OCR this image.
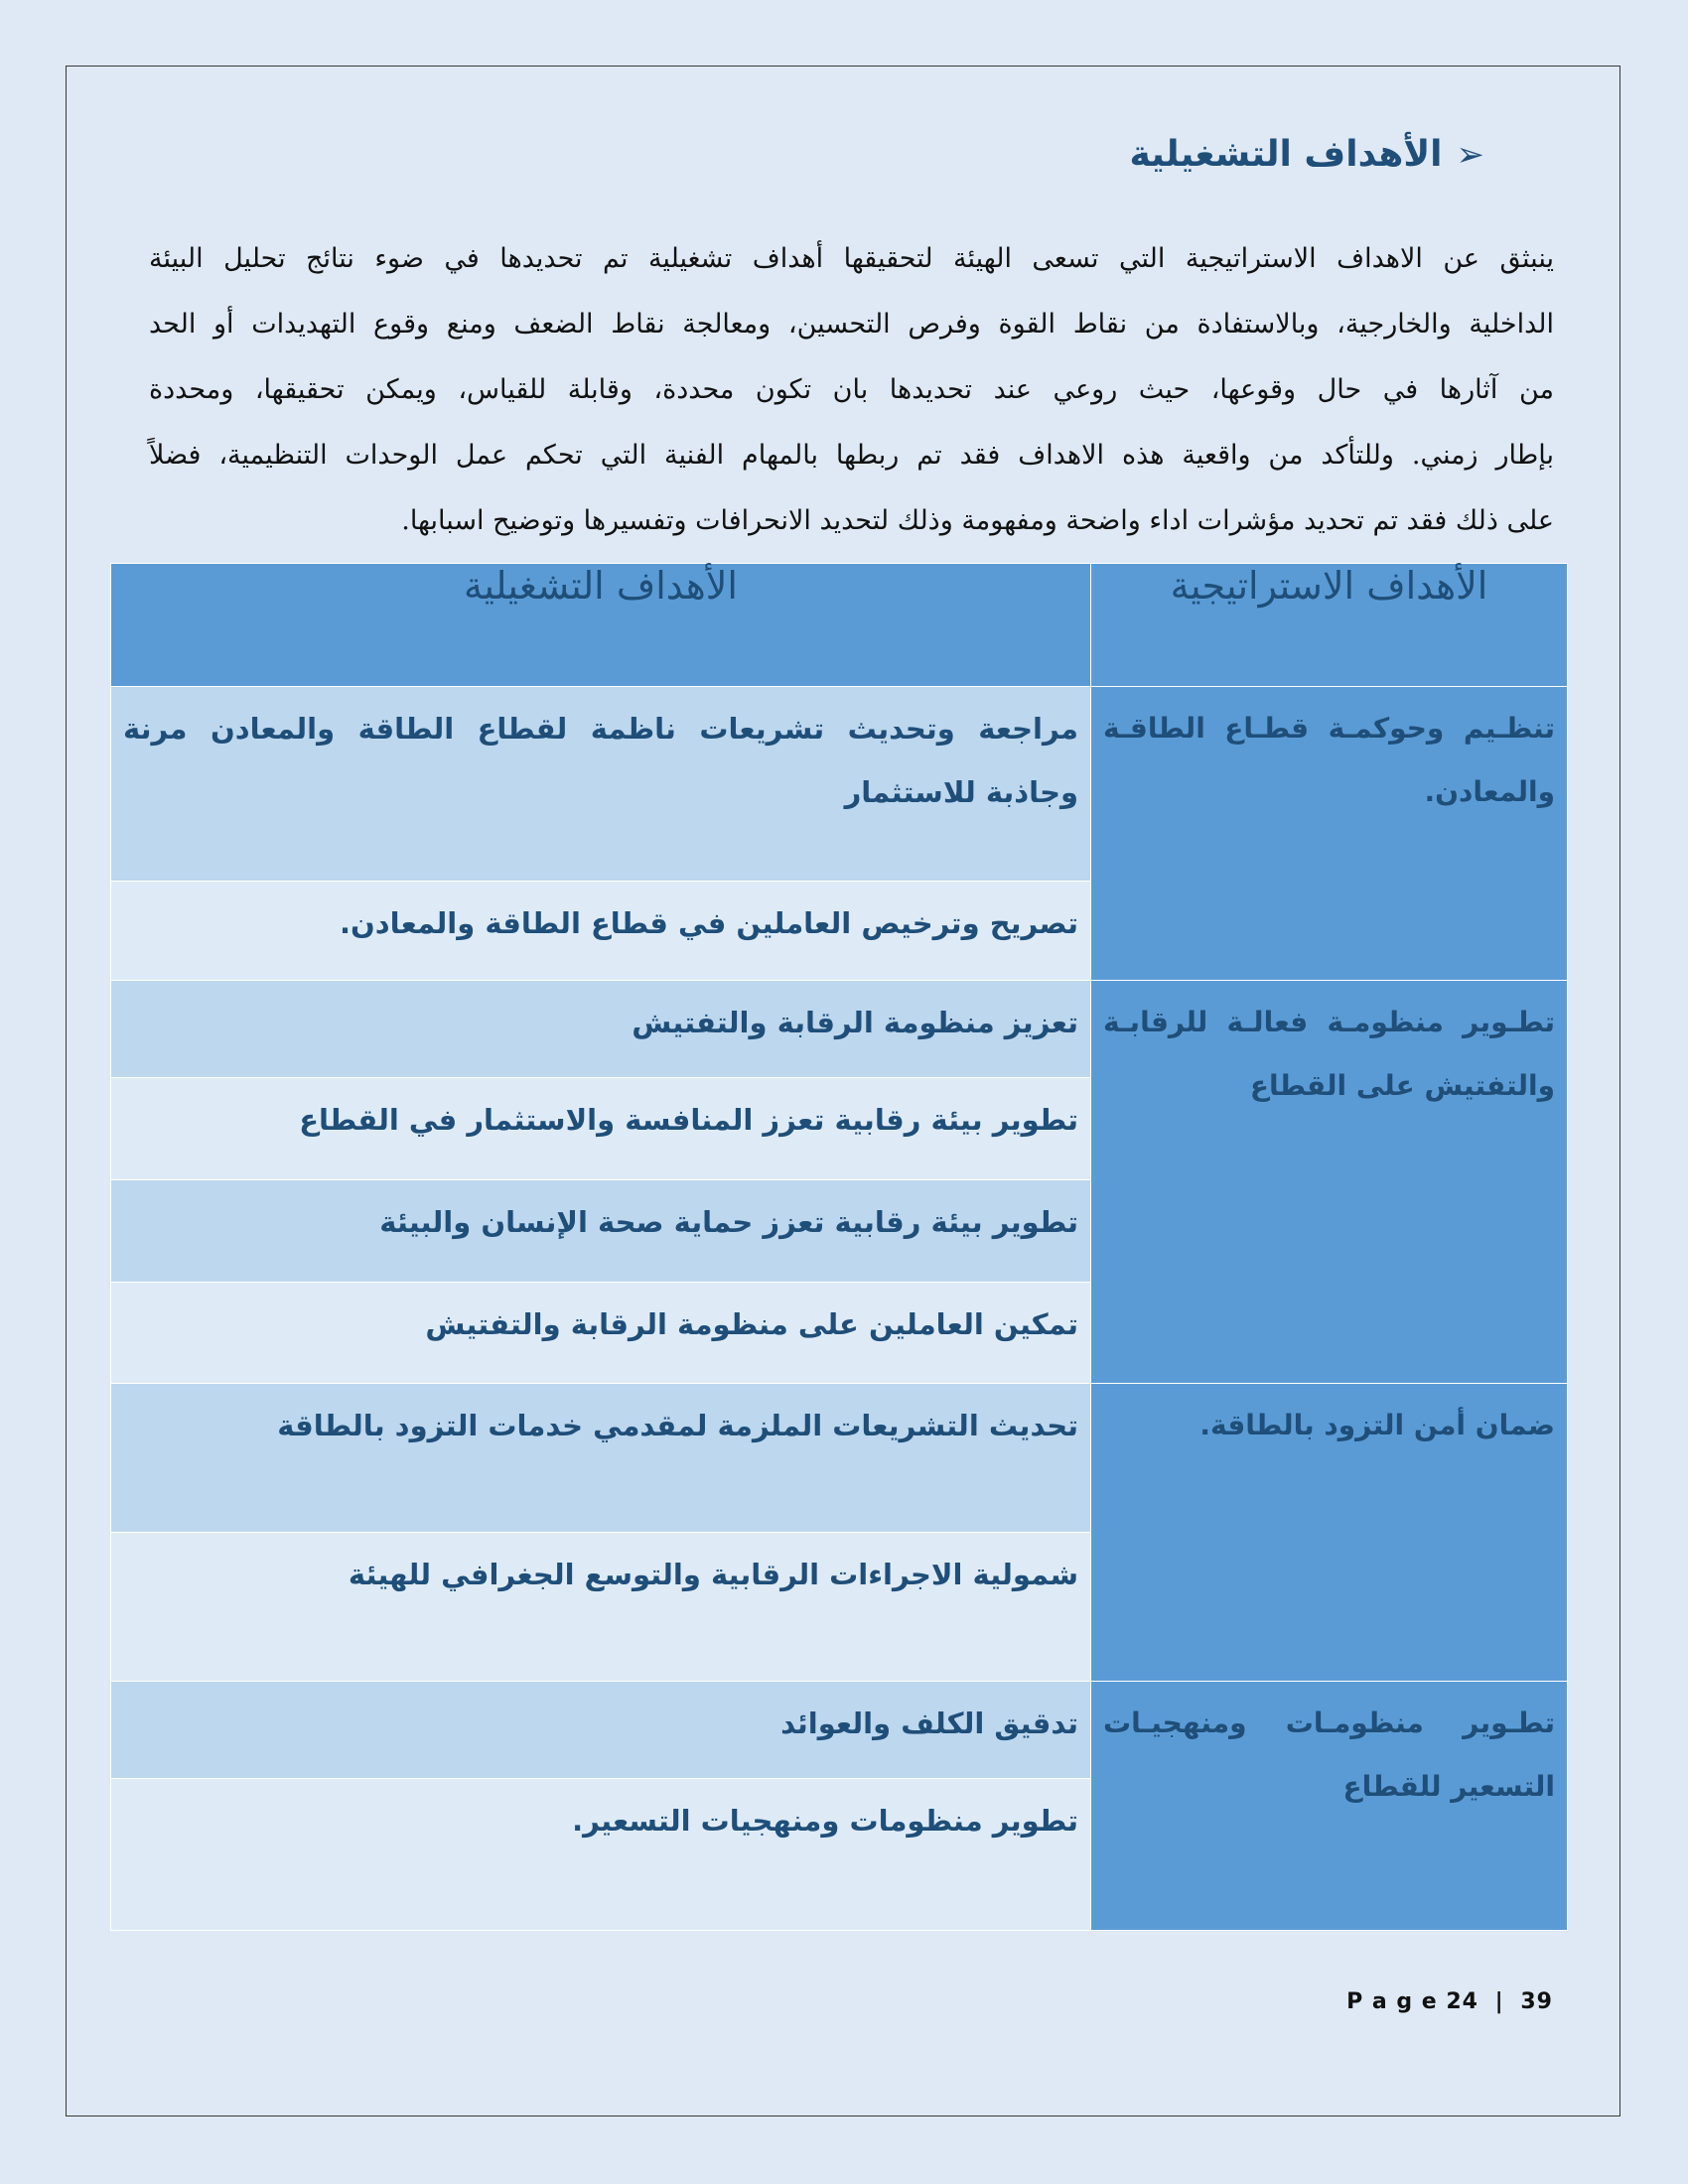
➢
الأهداف التشغيلية

ينبثق عن الاهداف الاستراتيجية التي تسعى الهيئة لتحقيقها أهداف تشغيلية تم تحديدها في ضوء نتائج تحليل البيئة
الداخلية والخارجية، وبالاستفادة من نقاط القوة وفرص التحسين، ومعالجة نقاط الضعف ومنع وقوع التهديدات أو الحد
من آثارها في حال وقوعها، حيث روعي عند تحديدها بان تكون محددة، وقابلة للقياس، ويمكن تحقيقها، ومحددة
بإطار زمني. وللتأكد من واقعية هذه الاهداف فقد تم ربطها بالمهام الفنية التي تحكم عمل الوحدات التنظيمية، فضلاً
على ذلك فقد تم تحديد مؤشرات اداء واضحة ومفهومة وذلك لتحديد الانحرافات وتفسيرها وتوضيح اسبابها.

الأهداف الاستراتيجية	الأهداف التشغيلية
تنظـيم وحوكمـة قطـاع الطاقـة والمعادن.	مراجعة وتحديث تشريعات ناظمة لقطاع الطاقة والمعادن مرنة وجاذبة للاستثمار
	تصريح وترخيص العاملين في قطاع الطاقة والمعادن.
تطـوير منظومـة فعالـة للرقابـة والتفتيش على القطاع	تعزيز منظومة الرقابة والتفتيش
	تطوير بيئة رقابية تعزز المنافسة والاستثمار في القطاع
	تطوير بيئة رقابية تعزز حماية صحة الإنسان والبيئة
	تمكين العاملين على منظومة الرقابة والتفتيش
ضمان أمن التزود بالطاقة.	تحديث التشريعات الملزمة لمقدمي خدمات التزود بالطاقة
	شمولية الاجراءات الرقابية والتوسع الجغرافي للهيئة
تطـوير منظومـات ومنهجيـات التسعير للقطاع	تدقيق الكلف والعوائد
	تطوير منظومات ومنهجيات التسعير.
P a g e 24 | 39
